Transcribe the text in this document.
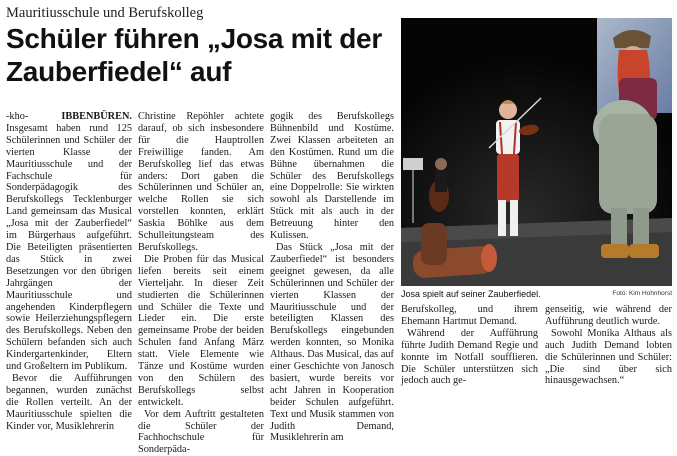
Mauritiusschule und Berufskolleg
Schüler führen „Josa mit der Zauberfiedel“ auf

-kho-	IBBENBÜREN. Insgesamt haben rund 125 Schülerinnen und Schüler der vierten Klasse der Mauritiusschule und der Fachschule für Sonderpädagogik des Berufskollegs Tecklenburger Land gemeinsam das Musical „Josa mit der Zauberfiedel“ im Bürgerhaus aufgeführt. Die Beteiligten präsentierten das Stück in zwei Besetzungen vor den übrigen Jahrgängen der Mauritiusschule und angehenden Kinderpflegern sowie Heilerziehungspflegern des Berufskollegs. Neben den Schülern befanden sich auch Kindergartenkinder, Eltern und Großeltern im Publikum.

Bevor die Aufführungen begannen, wurden zunächst die Rollen verteilt. An der Mauritiusschule spielten die Kinder vor, Musiklehrerin

Christine Repöhler achtete darauf, ob sich insbesondere für die Hauptrollen Freiwillige fanden. Am Berufskolleg lief das etwas anders: Dort gaben die Schülerinnen und Schüler an, welche Rollen sie sich vorstellen konnten, erklärt Saskia Böhlke aus dem Schulleitungsteam des Berufskollegs.

Die Proben für das Musical liefen bereits seit einem Vierteljahr. In dieser Zeit studierten die Schülerinnen und Schüler die Texte und Lieder ein. Die erste gemeinsame Probe der beiden Schulen fand Anfang März statt. Viele Elemente wie Tänze und Kostüme wurden von den Schülern des Berufskollegs selbst entwickelt.

Vor dem Auftritt gestalteten die Schüler der Fachhochschule für Sonderpäda-

gogik des Berufskollegs Bühnenbild und Kostüme. Zwei Klassen arbeiteten an den Kostümen. Rund um die Bühne übernahmen die Schüler des Berufskollegs eine Doppelrolle: Sie wirkten sowohl als Darstellende im Stück mit als auch in der Betreuung hinter den Kulissen.

Das Stück „Josa mit der Zauberfiedel“ ist besonders geeignet gewesen, da alle Schülerinnen und Schüler der vierten Klassen der Mauritiusschule und der beteiligten Klassen des Berufskollegs eingebunden werden konnten, so Monika Althaus. Das Musical, das auf einer Geschichte von Janosch basiert, wurde bereits vor acht Jahren in Kooperation beider Schulen aufgeführt. Text und Musik stammen von Judith Demand, Musiklehrerin am

Josa spielt auf seiner Zauberfiedel.	Foto: Kim Hohnhorst

Berufskolleg, und ihrem Ehemann Hartmut Demand.

Während der Aufführung führte Judith Demand Regie und konnte im Notfall soufflieren. Die Schüler unterstützen sich jedoch auch ge-

genseitig, wie während der Aufführung deutlich wurde.

Sowohl Monika Althaus als auch Judith Demand lobten die Schülerinnen und Schüler: „Die sind über sich hinausgewachsen.“
